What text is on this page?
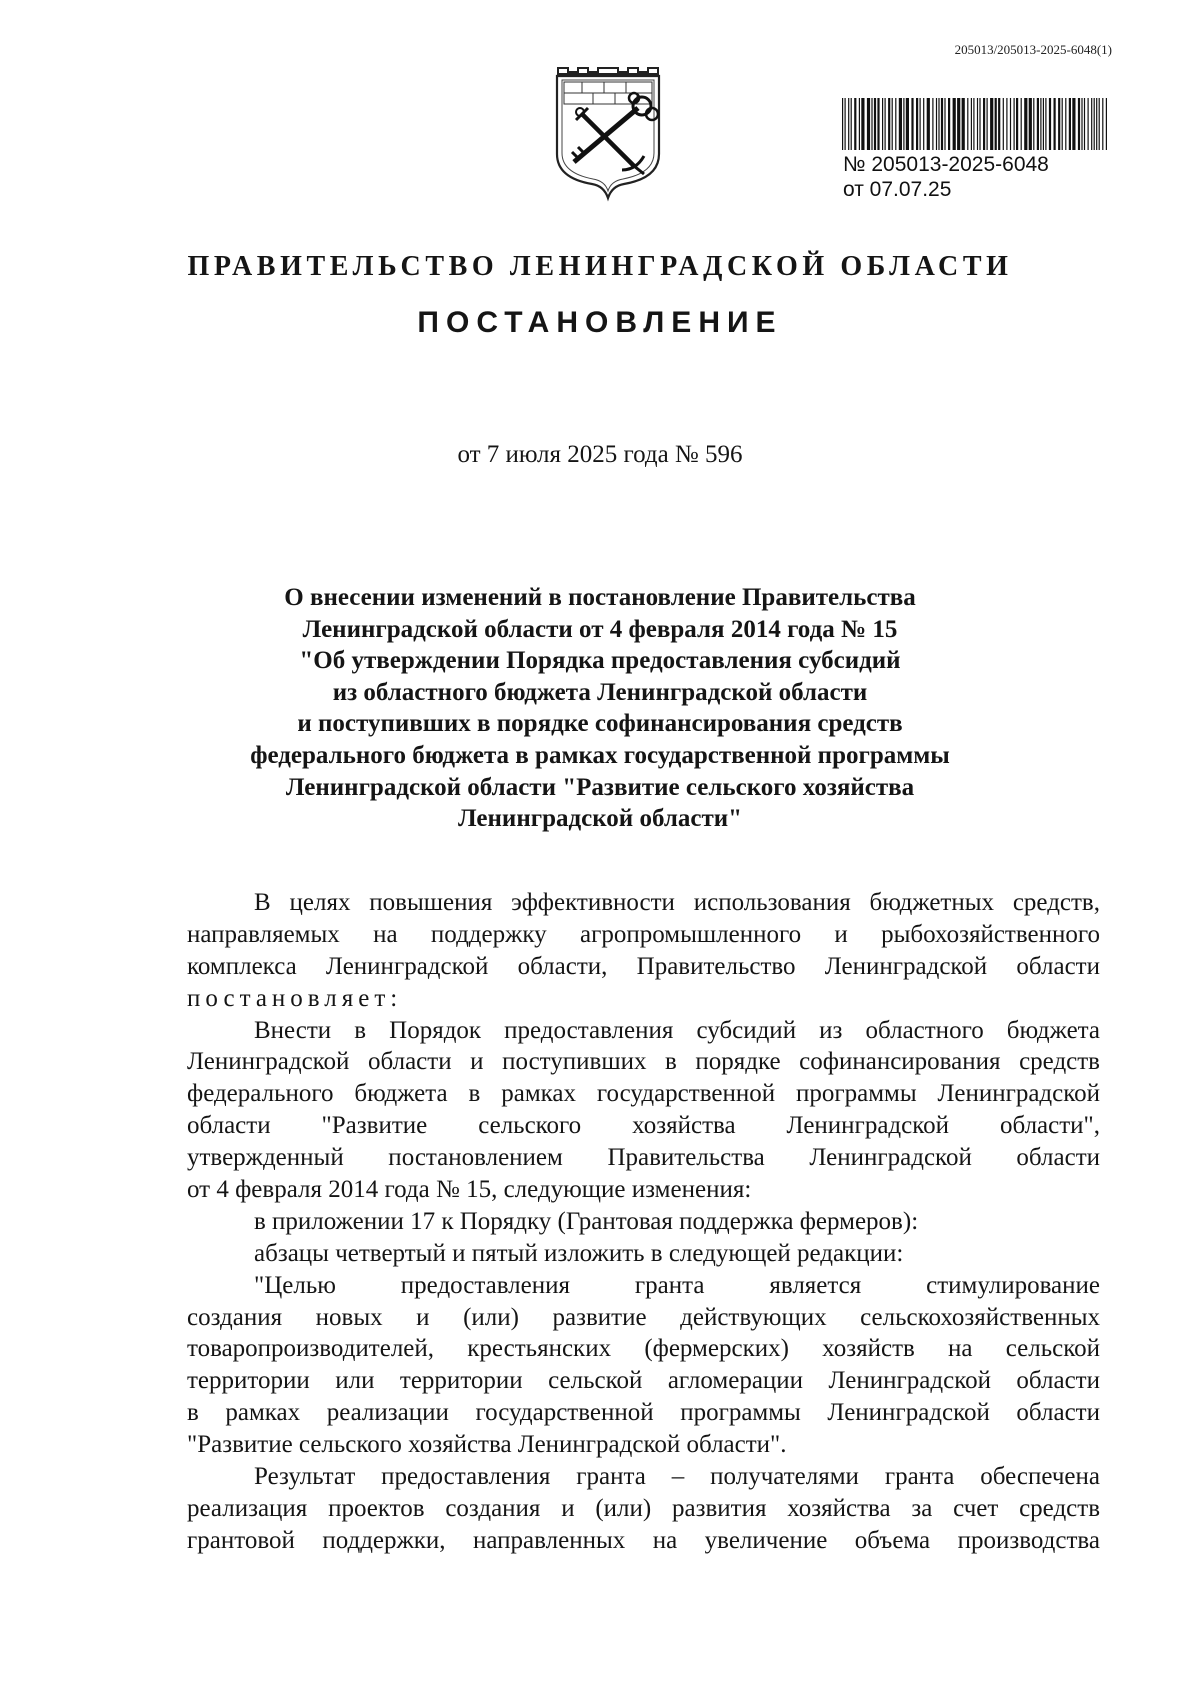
205013/205013-2025-6048(1)
№ 205013-2025-6048
от 07.07.25
ПРАВИТЕЛЬСТВО ЛЕНИНГРАДСКОЙ ОБЛАСТИ
ПОСТАНОВЛЕНИЕ
от 7 июля 2025 года № 596
О внесении изменений в постановление Правительства
Ленинградской области от 4 февраля 2014 года № 15
"Об утверждении Порядка предоставления субсидий
из областного бюджета Ленинградской области
и поступивших в порядке софинансирования средств
федерального бюджета в рамках государственной программы
Ленинградской области "Развитие сельского хозяйства
Ленинградской области"
В целях повышения эффективности использования бюджетных средств,
направляемых на поддержку агропромышленного и рыбохозяйственного
комплекса Ленинградской области, Правительство Ленинградской области
постановляет:
Внести в Порядок предоставления субсидий из областного бюджета
Ленинградской области и поступивших в порядке софинансирования средств
федерального бюджета в рамках государственной программы Ленинградской
области "Развитие сельского хозяйства Ленинградской области",
утвержденный постановлением Правительства Ленинградской области
от 4 февраля 2014 года № 15, следующие изменения:
в приложении 17 к Порядку (Грантовая поддержка фермеров):
абзацы четвертый и пятый изложить в следующей редакции:
"Целью предоставления гранта является стимулирование
создания новых и (или) развитие действующих сельскохозяйственных
товаропроизводителей, крестьянских (фермерских) хозяйств на сельской
территории или территории сельской агломерации Ленинградской области
в рамках реализации государственной программы Ленинградской области
"Развитие сельского хозяйства Ленинградской области".
Результат предоставления гранта – получателями гранта обеспечена
реализация проектов создания и (или) развития хозяйства за счет средств
грантовой поддержки, направленных на увеличение объема производства
